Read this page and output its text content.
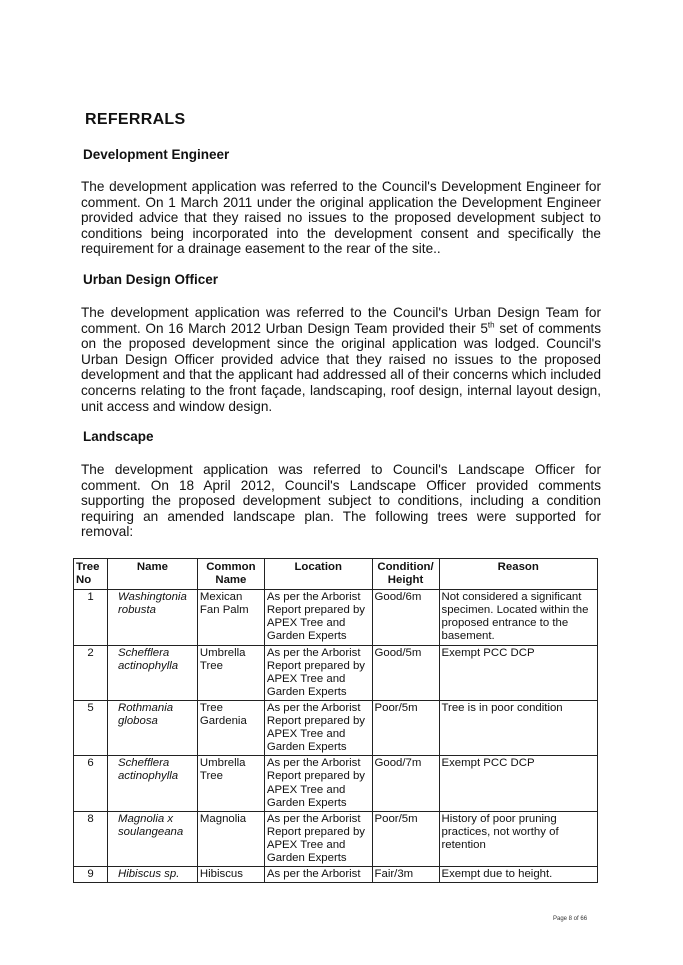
REFERRALS
Development Engineer

The development application was referred to the Council's Development Engineer for comment. On 1 March 2011 under the original application the Development Engineer provided advice that they raised no issues to the proposed development subject to conditions being incorporated into the development consent and specifically the requirement for a drainage easement to the rear of the site..

Urban Design Officer

The development application was referred to the Council's Urban Design Team for comment. On 16 March 2012 Urban Design Team provided their 5th set of comments on the proposed development since the original application was lodged. Council's Urban Design Officer provided advice that they raised no issues to the proposed development and that the applicant had addressed all of their concerns which included concerns relating to the front façade, landscaping, roof design, internal layout design, unit access and window design.

Landscape

The development application was referred to Council's Landscape Officer for comment. On 18 April 2012, Council's Landscape Officer provided comments supporting the proposed development subject to conditions, including a condition requiring an amended landscape plan. The following trees were supported for removal:

Tree No	Name	Common Name	Location	Condition/ Height	Reason
1	Washingtonia robusta	Mexican Fan Palm	As per the Arborist Report prepared by APEX Tree and Garden Experts	Good/6m	Not considered a significant specimen. Located within the proposed entrance to the basement.
2	Schefflera actinophylla	Umbrella Tree	As per the Arborist Report prepared by APEX Tree and Garden Experts	Good/5m	Exempt PCC DCP
5	Rothmania globosa	Tree Gardenia	As per the Arborist Report prepared by APEX Tree and Garden Experts	Poor/5m	Tree is in poor condition
6	Schefflera actinophylla	Umbrella Tree	As per the Arborist Report prepared by APEX Tree and Garden Experts	Good/7m	Exempt PCC DCP
8	Magnolia x soulangeana	Magnolia	As per the Arborist Report prepared by APEX Tree and Garden Experts	Poor/5m	History of poor pruning practices, not worthy of retention
9	Hibiscus sp.	Hibiscus	As per the Arborist	Fair/3m	Exempt due to height.
Page 8 of 66
